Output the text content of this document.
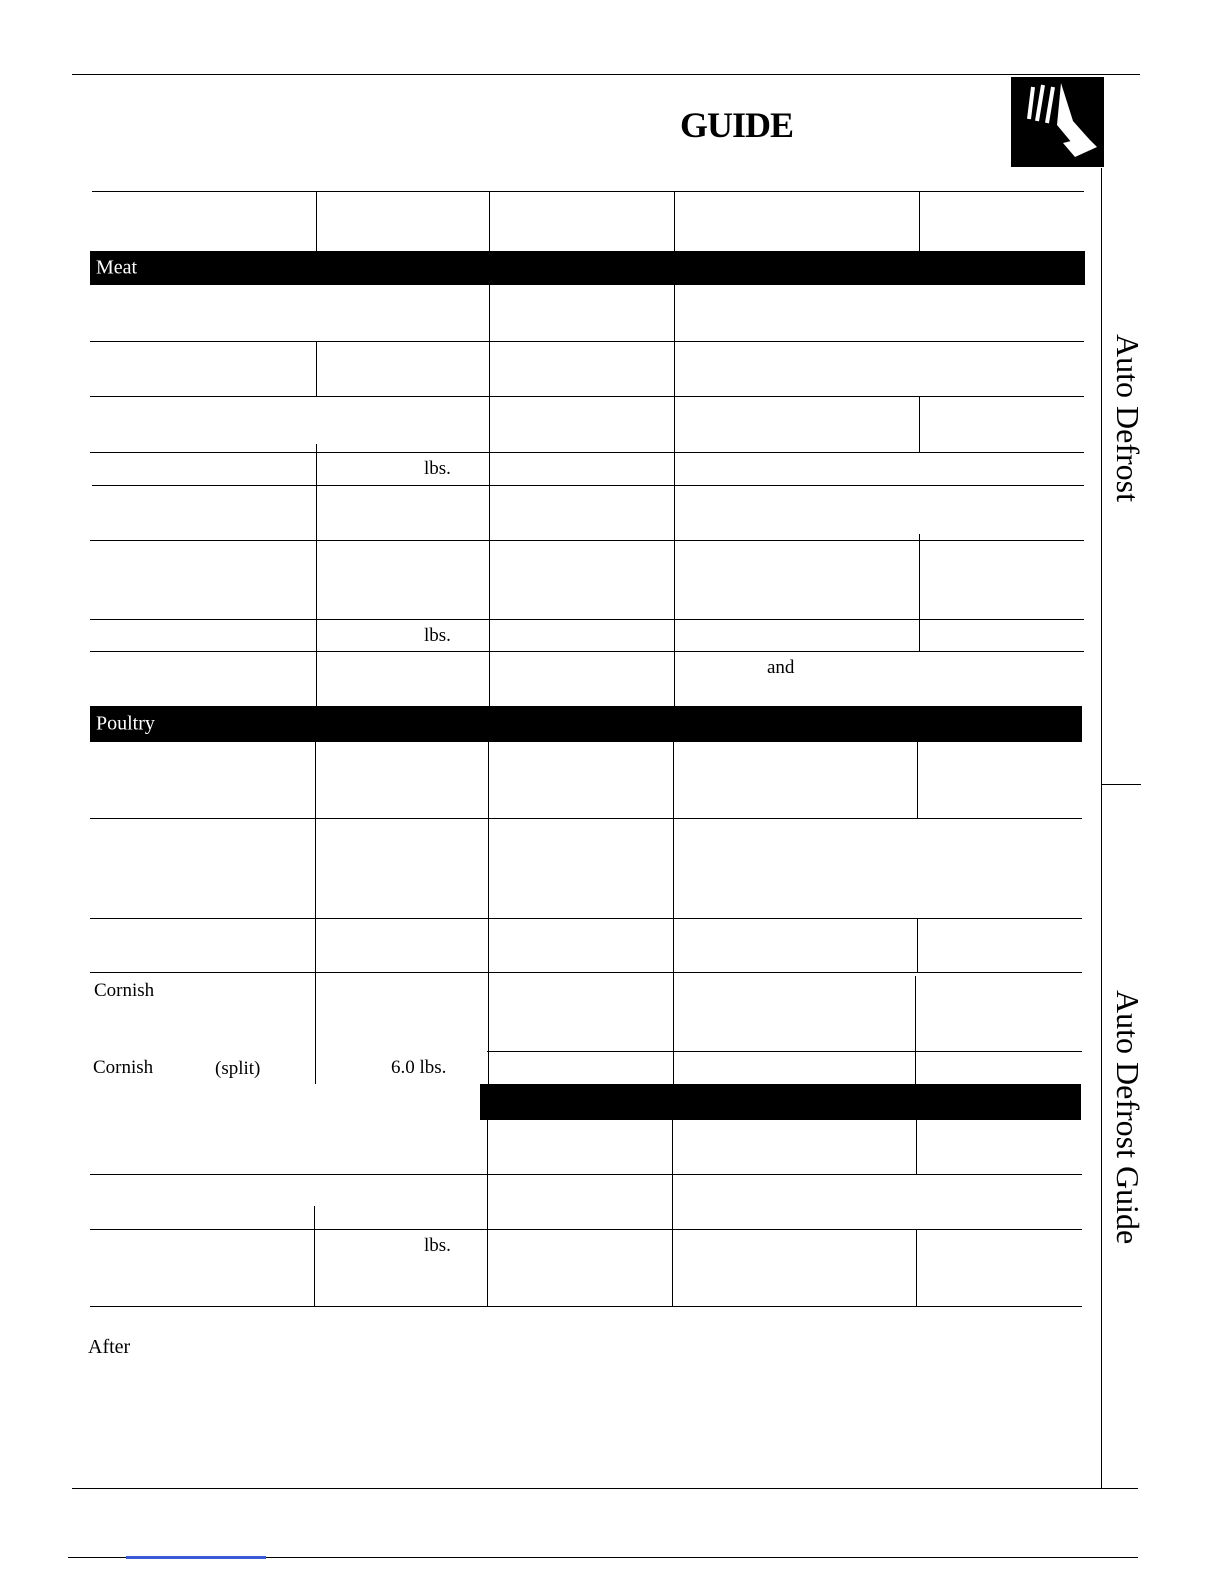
GUIDE
Auto Defrost
Auto Defrost Guide
Meat
lbs.
lbs.
and
Poultry
Cornish
Cornish	(split)	6.0 lbs.
lbs.
After
